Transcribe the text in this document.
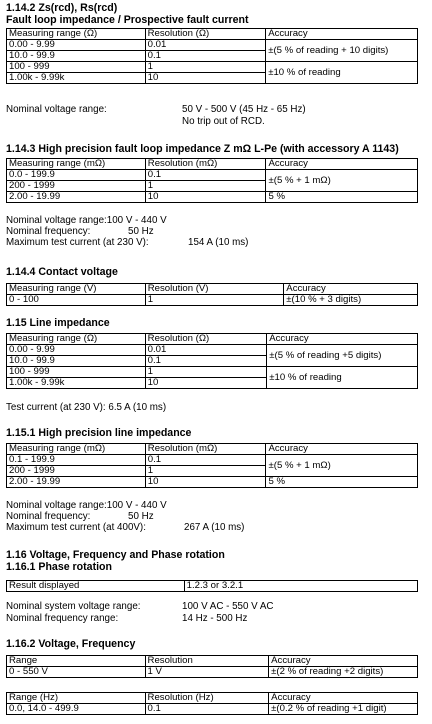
1.14.2 Zs(rcd), Rs(rcd)
Fault loop impedance / Prospective fault current
Measuring range (Ω)	Resolution (Ω)	Accuracy
0.00 - 9.99	0.01	±(5 % of reading + 10 digits)
10.0 - 99.9	0.1	
100 - 999	1	±10 % of reading
1.00k - 9.99k	10	
Nominal voltage range:	50 V - 500 V (45 Hz - 65 Hz)
No trip out of RCD.
1.14.3 High precision fault loop impedance Z mΩ L-Pe (with accessory A 1143)
Measuring range (mΩ)	Resolution (mΩ)	Accuracy
0.0 - 199.9	0.1	±(5 % + 1 mΩ)
200 - 1999	1	
2.00 - 19.99	10	5 %
Nominal voltage range:100 V - 440 V
Nominal frequency:	50 Hz
Maximum test current (at 230 V):	154 A (10 ms)
1.14.4 Contact voltage
Measuring range (V)	Resolution (V)	Accuracy
0 - 100	1	±(10 % + 3 digits)
1.15 Line impedance
Measuring range (Ω)	Resolution (Ω)	Accuracy
0.00 - 9.99	0.01	±(5 % of reading +5 digits)
10.0 - 99.9	0.1	
100 - 999	1	±10 % of reading
1.00k - 9.99k	10	
Test current (at 230 V): 6.5 A (10 ms)
1.15.1 High precision line impedance
Measuring range (mΩ)	Resolution (mΩ)	Accuracy
0.1 - 199.9	0.1	±(5 % + 1 mΩ)
200 - 1999	1	
2.00 - 19.99	10	5 %
Nominal voltage range:100 V - 440 V
Nominal frequency:	50 Hz
Maximum test current (at 400V):	267 A (10 ms)
1.16 Voltage, Frequency and Phase rotation
1.16.1 Phase rotation
Result displayed	1.2.3 or 3.2.1
Nominal system voltage range:	100 V AC - 550 V AC
Nominal frequency range:	14 Hz - 500 Hz
1.16.2 Voltage, Frequency
Range	Resolution	Accuracy
0 - 550 V	1 V	±(2 % of reading +2 digits)
Range (Hz)	Resolution (Hz)	Accuracy
0.0, 14.0 - 499.9	0.1	±(0.2 % of reading +1 digit)
